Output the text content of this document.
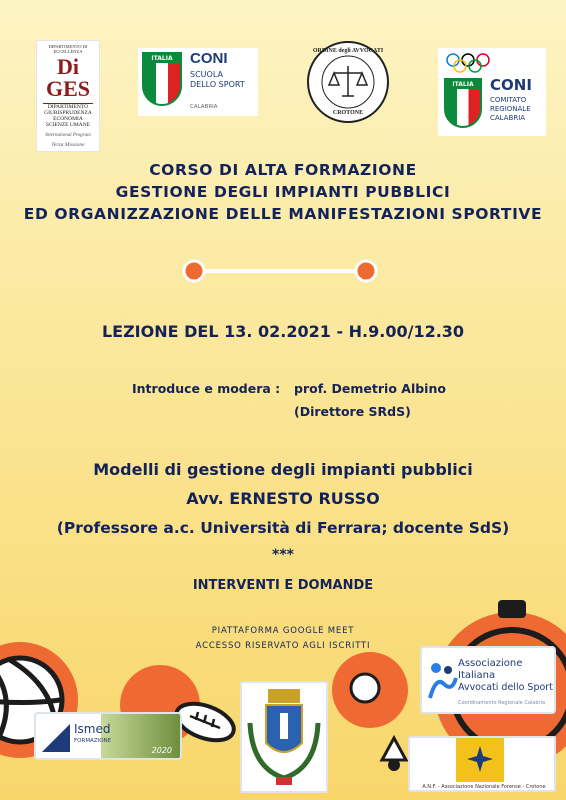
DIPARTIMENTO DI ECCELLENZA
Di GES
DIPARTIMENTO
GIURISPRUDENZA
ECONOMIA
SCIENZE UMANE
International Program
Terza Missione
ITALIA	CONI
SCUOLA
DELLO SPORT
CALABRIA
ORDINE degli AVVOCATI
CROTONE
ITALIA	CONI
COMITATO
REGIONALE
CALABRIA
CORSO DI ALTA FORMAZIONE
GESTIONE DEGLI IMPIANTI PUBBLICI
ED ORGANIZZAZIONE DELLE MANIFESTAZIONI SPORTIVE
LEZIONE DEL 13. 02.2021 - H.9.00/12.30
Introduce e modera : prof. Demetrio Albino
(Direttore SRdS)
Modelli di gestione degli impianti pubblici
Avv. ERNESTO RUSSO
(Professore a.c. Università di Ferrara; docente SdS)
***
INTERVENTI E DOMANDE
PIATTAFORMA GOOGLE MEET
ACCESSO RISERVATO AGLI ISCRITTI
Ismed
FORMAZIONE
2020
Associazione
Italiana
Avvocati dello Sport
Coordinamento Regionale Calabria
A.N.F. - Associazione Nazionale Forense - Crotone
